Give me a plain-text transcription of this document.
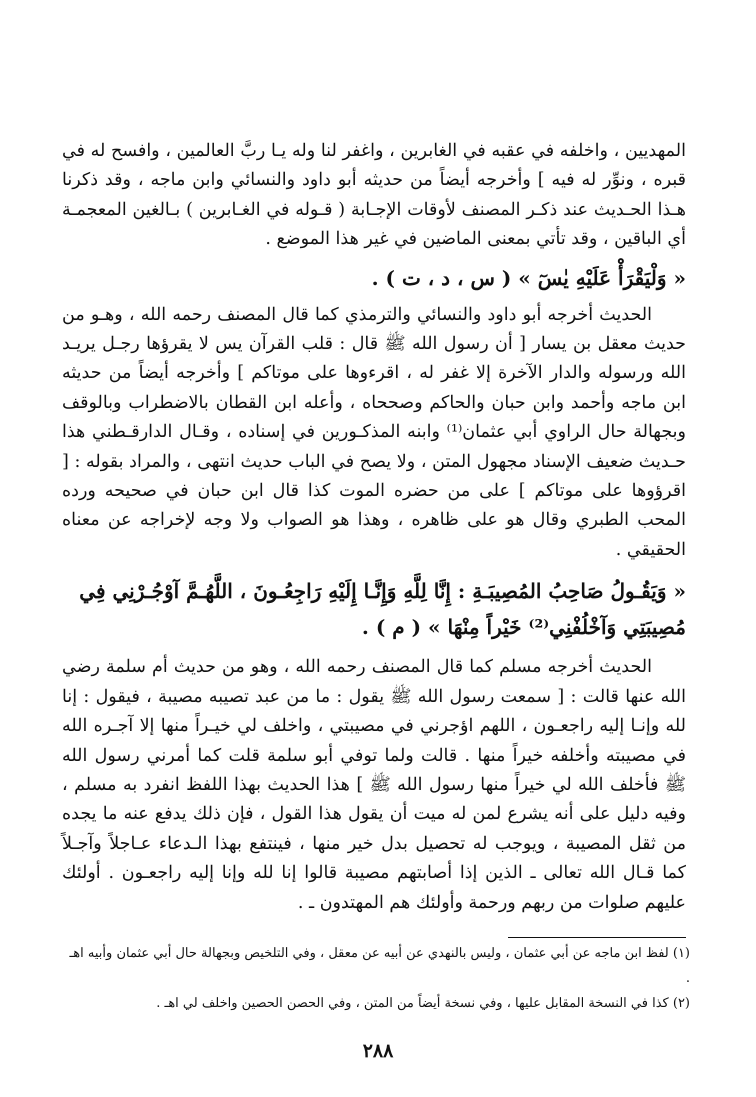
المهديين ، واخلفه في عقبه في الغابرين ، واغفر لنا وله يـا ربَّ العالمين ، وافسح له في قبره ، ونوِّر له فيه ] وأخرجه أيضاً من حديثه أبو داود والنسائي وابن ماجه ، وقد ذكرنا هـذا الحـديث عند ذكـر المصنف لأوقات الإجـابة ( قـوله في الغـابرين ) بـالغين المعجمـة أي الباقين ، وقد تأتي بمعنى الماضين في غير هذا الموضع .

« وَلْيَقْرَأْ عَلَيْهِ يٰسٓ » ( س ، د ، ت ) .

الحديث أخرجه أبو داود والنسائي والترمذي كما قال المصنف رحمه الله ، وهـو من حديث معقل بن يسار [ أن رسول الله ﷺ قال : قلب القرآن يس لا يقرؤها رجـل يريـد الله ورسوله والدار الآخرة إلا غفر له ، اقرءوها على موتاكم ] وأخرجه أيضاً من حديثه ابن ماجه وأحمد وابن حبان والحاكم وصححاه ، وأعله ابن القطان بالاضطراب وبالوقف وبجهالة حال الراوي أبي عثمان⁽¹⁾ وابنه المذكـورين في إسناده ، وقـال الدارقـطني هذا حـديث ضعيف الإسناد مجهول المتن ، ولا يصح في الباب حديث انتهى ، والمراد بقوله : [ اقرؤوها على موتاكم ] على من حضره الموت كذا قال ابن حبان في صحيحه ورده المحب الطبري وقال هو على ظاهره ، وهذا هو الصواب ولا وجه لإخراجه عن معناه الحقيقي .

« وَيَقُـولُ صَاحِبُ المُصِيبَـةِ : إِنَّا لِلَّهِ وَإِنَّـا إِلَيْهِ رَاجِعُـونَ ، اللَّهُـمَّ آوْجُـرْنِي فِي مُصِيبَتِي وَآخْلُفْنِي⁽²⁾ خَيْراً مِنْهَا » ( م ) .

الحديث أخرجه مسلم كما قال المصنف رحمه الله ، وهو من حديث أم سلمة رضي الله عنها قالت : [ سمعت رسول الله ﷺ يقول : ما من عبد تصيبه مصيبة ، فيقول : إنا لله وإنـا إليه راجعـون ، اللهم اؤجرني في مصيبتي ، واخلف لي خيـراً منها إلا آجـره الله في مصيبته وأخلفه خيراً منها . قالت ولما توفي أبو سلمة قلت كما أمرني رسول الله ﷺ فأخلف الله لي خيراً منها رسول الله ﷺ ] هذا الحديث بهذا اللفظ انفرد به مسلم ، وفيه دليل على أنه يشرع لمن له ميت أن يقول هذا القول ، فإن ذلك يدفع عنه ما يجده من ثقل المصيبة ، ويوجب له تحصيل بدل خير منها ، فينتفع بهذا الـدعاء عـاجلاً وآجـلاً كما قـال الله تعالى ـ الذين إذا أصابتهم مصيبة قالوا إنا لله وإنا إليه راجعـون . أولئك عليهم صلوات من ربهم ورحمة وأولئك هم المهتدون ـ .

(١) لفظ ابن ماجه عن أبي عثمان ، وليس بالنهدي عن أبيه عن معقل ، وفي التلخيص وبجهالة حال أبي عثمان وأبيه اهـ .

(٢) كذا في النسخة المقابل عليها ، وفي نسخة أيضاً من المتن ، وفي الحصن الحصين واخلف لي اهـ .

٢٨٨
